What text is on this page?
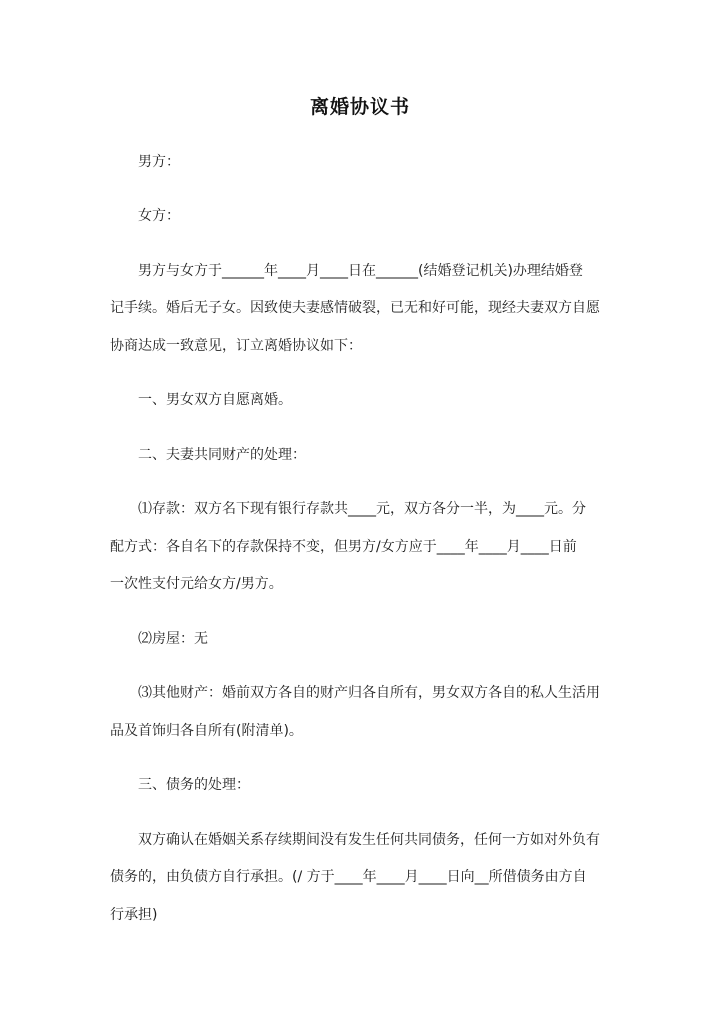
离婚协议书
男方：
女方：
男方与女方于______年____月____日在______(结婚登记机关)办理结婚登
记手续。婚后无子女。因致使夫妻感情破裂，已无和好可能，现经夫妻双方自愿
协商达成一致意见，订立离婚协议如下：
一、男女双方自愿离婚。
二、夫妻共同财产的处理：
⑴存款：双方名下现有银行存款共____元，双方各分一半，为____元。分
配方式：各自名下的存款保持不变，但男方/女方应于____年____月____日前
一次性支付元给女方/男方。
⑵房屋：无
⑶其他财产：婚前双方各自的财产归各自所有，男女双方各自的私人生活用
品及首饰归各自所有(附清单)。
三、债务的处理：
双方确认在婚姻关系存续期间没有发生任何共同债务，任何一方如对外负有
债务的，由负债方自行承担。(/ 方于____年____月____日向__所借债务由方自
行承担)
